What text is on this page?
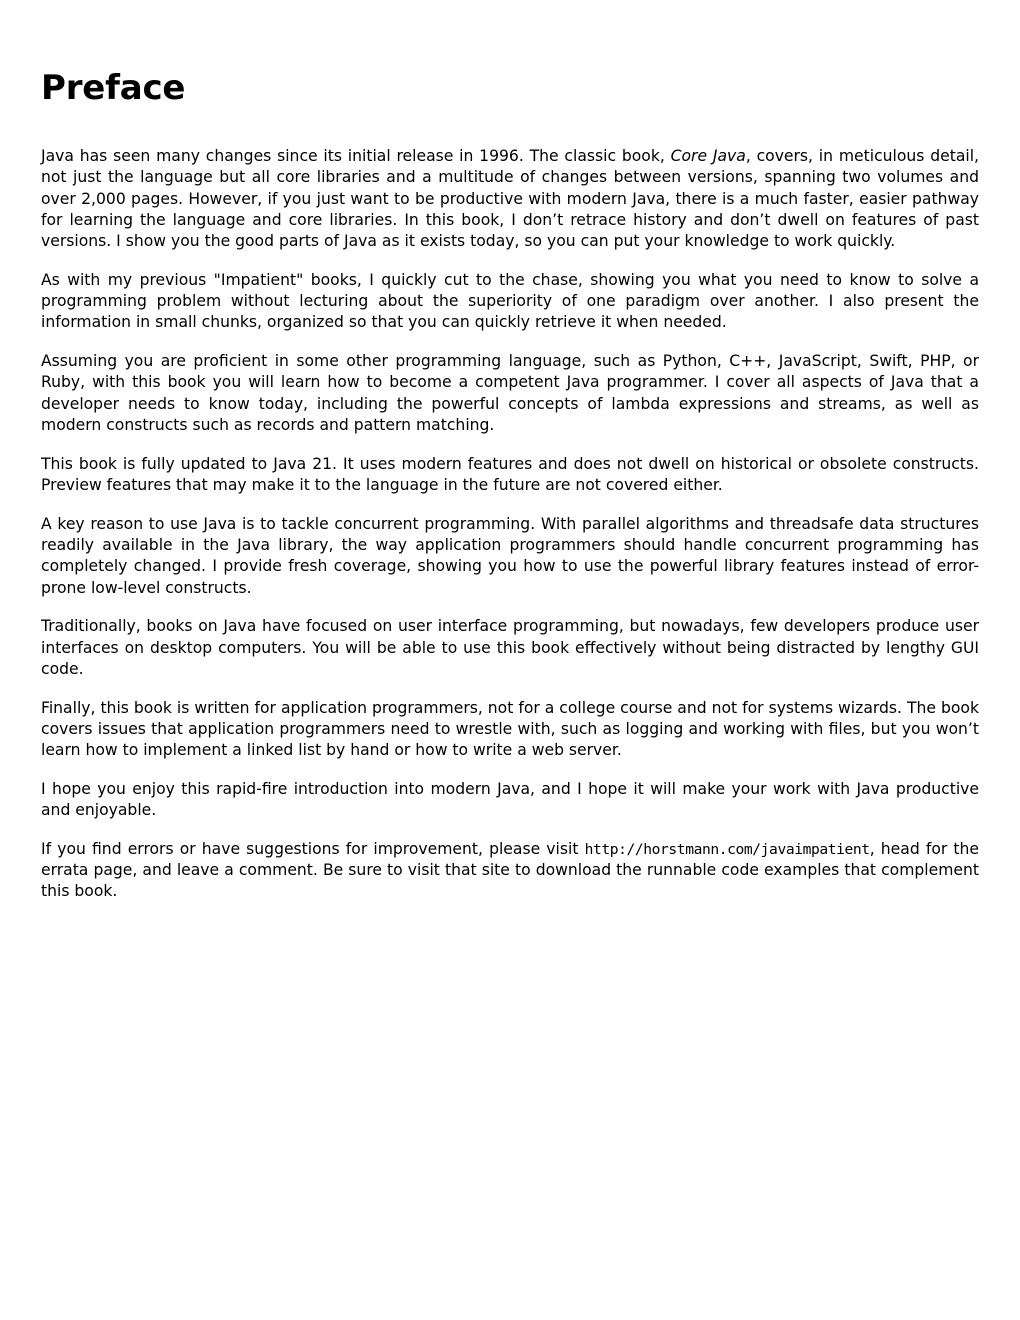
Preface

Java has seen many changes since its initial release in 1996. The classic book, Core Java, covers, in meticulous detail, not just the language but all core libraries and a multitude of changes between versions, spanning two volumes and over 2,000 pages. However, if you just want to be productive with modern Java, there is a much faster, easier pathway for learning the language and core libraries. In this book, I don’t retrace history and don’t dwell on features of past versions. I show you the good parts of Java as it exists today, so you can put your knowledge to work quickly.

As with my previous "Impatient" books, I quickly cut to the chase, showing you what you need to know to solve a programming problem without lecturing about the superiority of one paradigm over another. I also present the information in small chunks, organized so that you can quickly retrieve it when needed.

Assuming you are proficient in some other programming language, such as Python, C++, JavaScript, Swift, PHP, or Ruby, with this book you will learn how to become a competent Java programmer. I cover all aspects of Java that a developer needs to know today, including the powerful concepts of lambda expressions and streams, as well as modern constructs such as records and pattern matching.

This book is fully updated to Java 21. It uses modern features and does not dwell on historical or obsolete constructs. Preview features that may make it to the language in the future are not covered either.

A key reason to use Java is to tackle concurrent programming. With parallel algorithms and threadsafe data structures readily available in the Java library, the way application programmers should handle concurrent programming has completely changed. I provide fresh coverage, showing you how to use the powerful library features instead of error-prone low-level constructs.

Traditionally, books on Java have focused on user interface programming, but nowadays, few developers produce user interfaces on desktop computers. You will be able to use this book effectively without being distracted by lengthy GUI code.

Finally, this book is written for application programmers, not for a college course and not for systems wizards. The book covers issues that application programmers need to wrestle with, such as logging and working with files, but you won’t learn how to implement a linked list by hand or how to write a web server.

I hope you enjoy this rapid-fire introduction into modern Java, and I hope it will make your work with Java productive and enjoyable.

If you find errors or have suggestions for improvement, please visit http://horstmann.com/javaimpatient, head for the errata page, and leave a comment. Be sure to visit that site to download the runnable code examples that complement this book.
